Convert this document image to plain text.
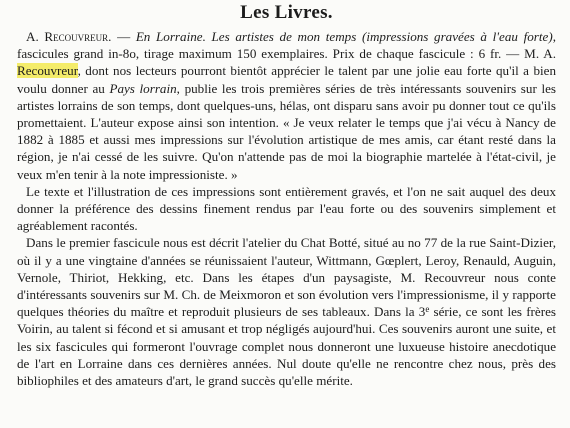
Les Livres.

A. Recouvreur. — En Lorraine. Les artistes de mon temps (impressions gravées à l'eau forte), fascicules grand in-8o, tirage maximum 150 exemplaires. Prix de chaque fascicule : 6 fr. — M. A. Recouvreur, dont nos lecteurs pourront bientôt apprécier le talent par une jolie eau forte qu'il a bien voulu donner au Pays lorrain, publie les trois premières séries de très intéressants souvenirs sur les artistes lorrains de son temps, dont quelques-uns, hélas, ont disparu sans avoir pu donner tout ce qu'ils promettaient. L'auteur expose ainsi son intention. « Je veux relater le temps que j'ai vécu à Nancy de 1882 à 1885 et aussi mes impressions sur l'évolution artistique de mes amis, car étant resté dans la région, je n'ai cessé de les suivre. Qu'on n'attende pas de moi la biographie martelée à l'état-civil, je veux m'en tenir à la note impressioniste. »

Le texte et l'illustration de ces impressions sont entièrement gravés, et l'on ne sait auquel des deux donner la préférence des dessins finement rendus par l'eau forte ou des souvenirs simplement et agréablement racontés.

Dans le premier fascicule nous est décrit l'atelier du Chat Botté, situé au no 77 de la rue Saint-Dizier, où il y a une vingtaine d'années se réunissaient l'auteur, Wittmann, Gœplert, Leroy, Renauld, Auguin, Vernole, Thiriot, Hekking, etc. Dans les étapes d'un paysagiste, M. Recouvreur nous conte d'intéressants souvenirs sur M. Ch. de Meixmoron et son évolution vers l'impressionisme, il y rapporte quelques théories du maître et reproduit plusieurs de ses tableaux. Dans la 3e série, ce sont les frères Voirin, au talent si fécond et si amusant et trop négligés aujourd'hui. Ces souvenirs auront une suite, et les six fascicules qui formeront l'ouvrage complet nous donneront une luxueuse histoire anecdotique de l'art en Lorraine dans ces dernières années. Nul doute qu'elle ne rencontre chez nous, près des bibliophiles et des amateurs d'art, le grand succès qu'elle mérite.
